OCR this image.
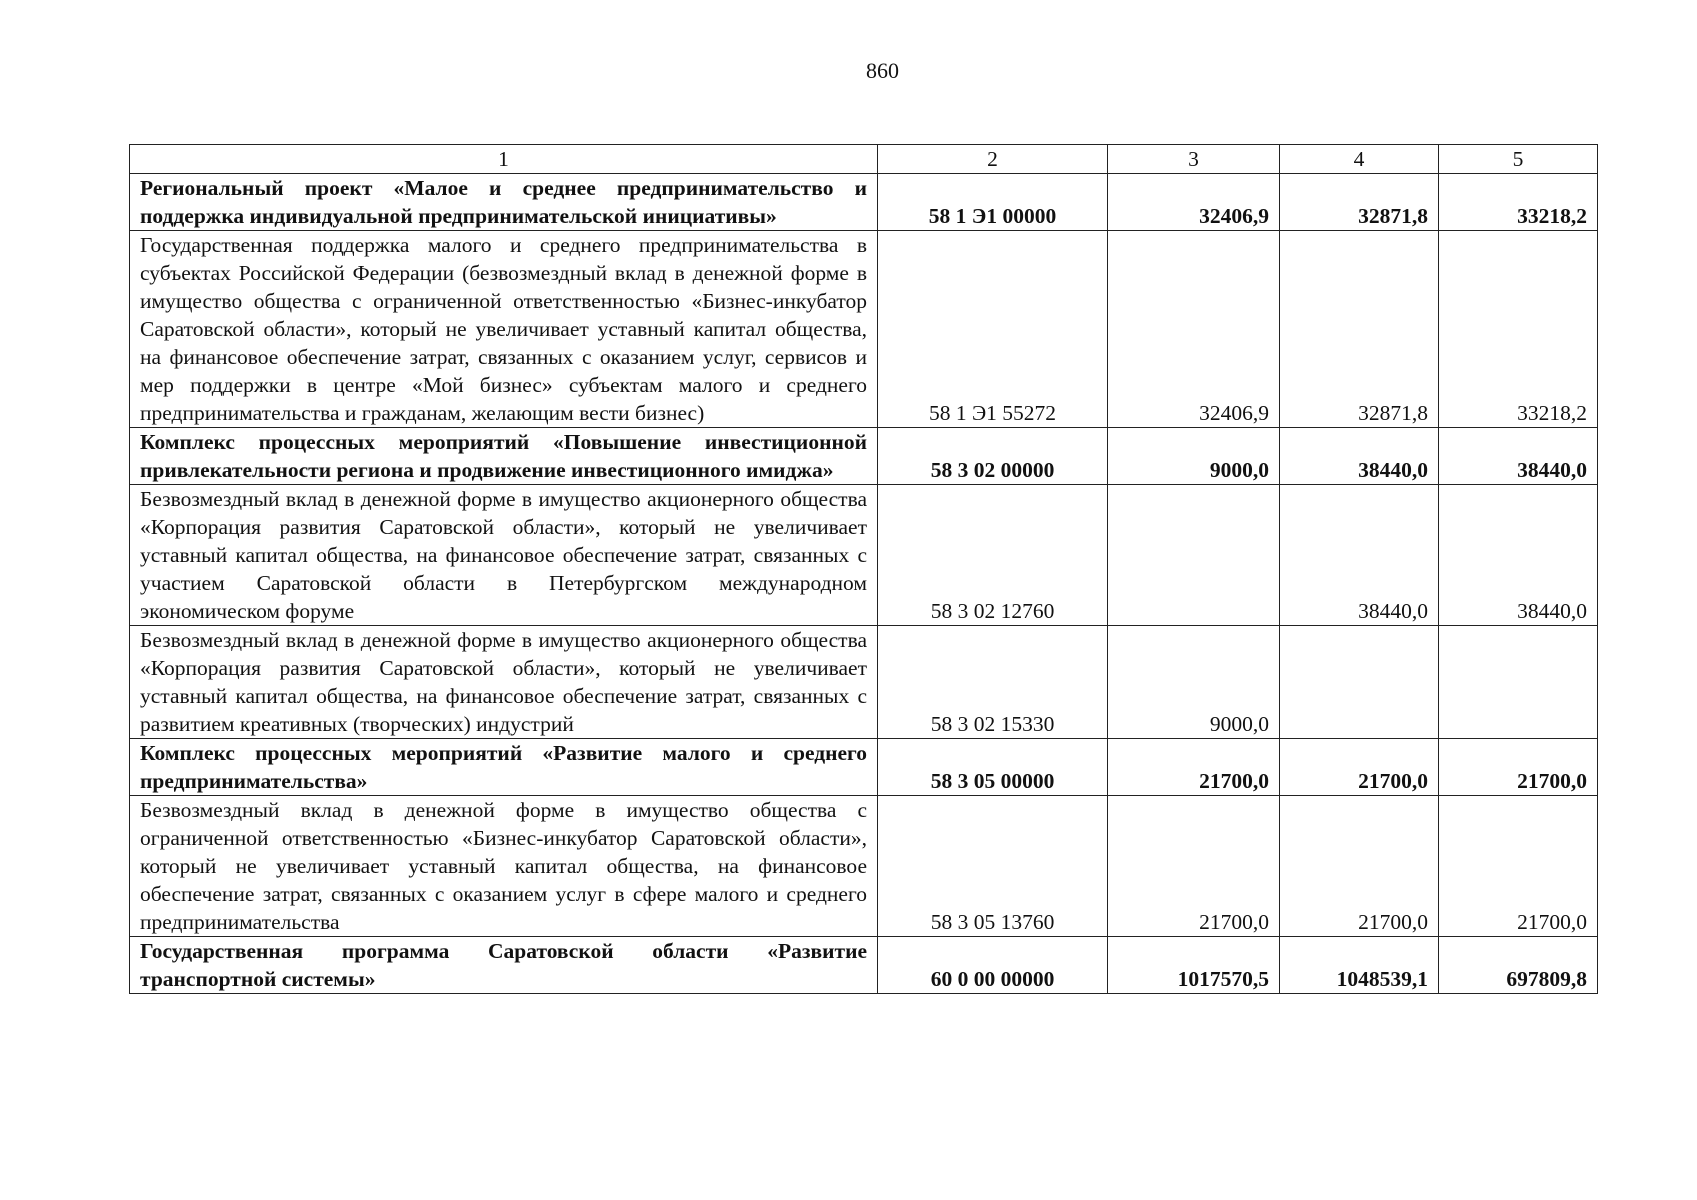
860
1	2	3	4	5
Региональный проект «Малое и среднее предпринимательство и поддержка индивидуальной предпринимательской инициативы»	58 1 Э1 00000	32406,9	32871,8	33218,2
Государственная поддержка малого и среднего предпринимательства в субъектах Российской Федерации (безвозмездный вклад в денежной форме в имущество общества с ограниченной ответственностью «Бизнес-инкубатор Саратовской области», который не увеличивает уставный капитал общества, на финансовое обеспечение затрат, связанных с оказанием услуг, сервисов и мер поддержки в центре «Мой бизнес» субъектам малого и среднего предпринимательства и гражданам, желающим вести бизнес)	58 1 Э1 55272	32406,9	32871,8	33218,2
Комплекс процессных мероприятий «Повышение инвестиционной привлекательности региона и продвижение инвестиционного имиджа»	58 3 02 00000	9000,0	38440,0	38440,0
Безвозмездный вклад в денежной форме в имущество акционерного общества «Корпорация развития Саратовской области», который не увеличивает уставный капитал общества, на финансовое обеспечение затрат, связанных с участием Саратовской области в Петербургском международном экономическом форуме	58 3 02 12760		38440,0	38440,0
Безвозмездный вклад в денежной форме в имущество акционерного общества «Корпорация развития Саратовской области», который не увеличивает уставный капитал общества, на финансовое обеспечение затрат, связанных с развитием креативных (творческих) индустрий	58 3 02 15330	9000,0		
Комплекс процессных мероприятий «Развитие малого и среднего предпринимательства»	58 3 05 00000	21700,0	21700,0	21700,0
Безвозмездный вклад в денежной форме в имущество общества с ограниченной ответственностью «Бизнес-инкубатор Саратовской области», который не увеличивает уставный капитал общества, на финансовое обеспечение затрат, связанных с оказанием услуг в сфере малого и среднего предпринимательства	58 3 05 13760	21700,0	21700,0	21700,0
Государственная программа Саратовской области «Развитие транспортной системы»	60 0 00 00000	1017570,5	1048539,1	697809,8
